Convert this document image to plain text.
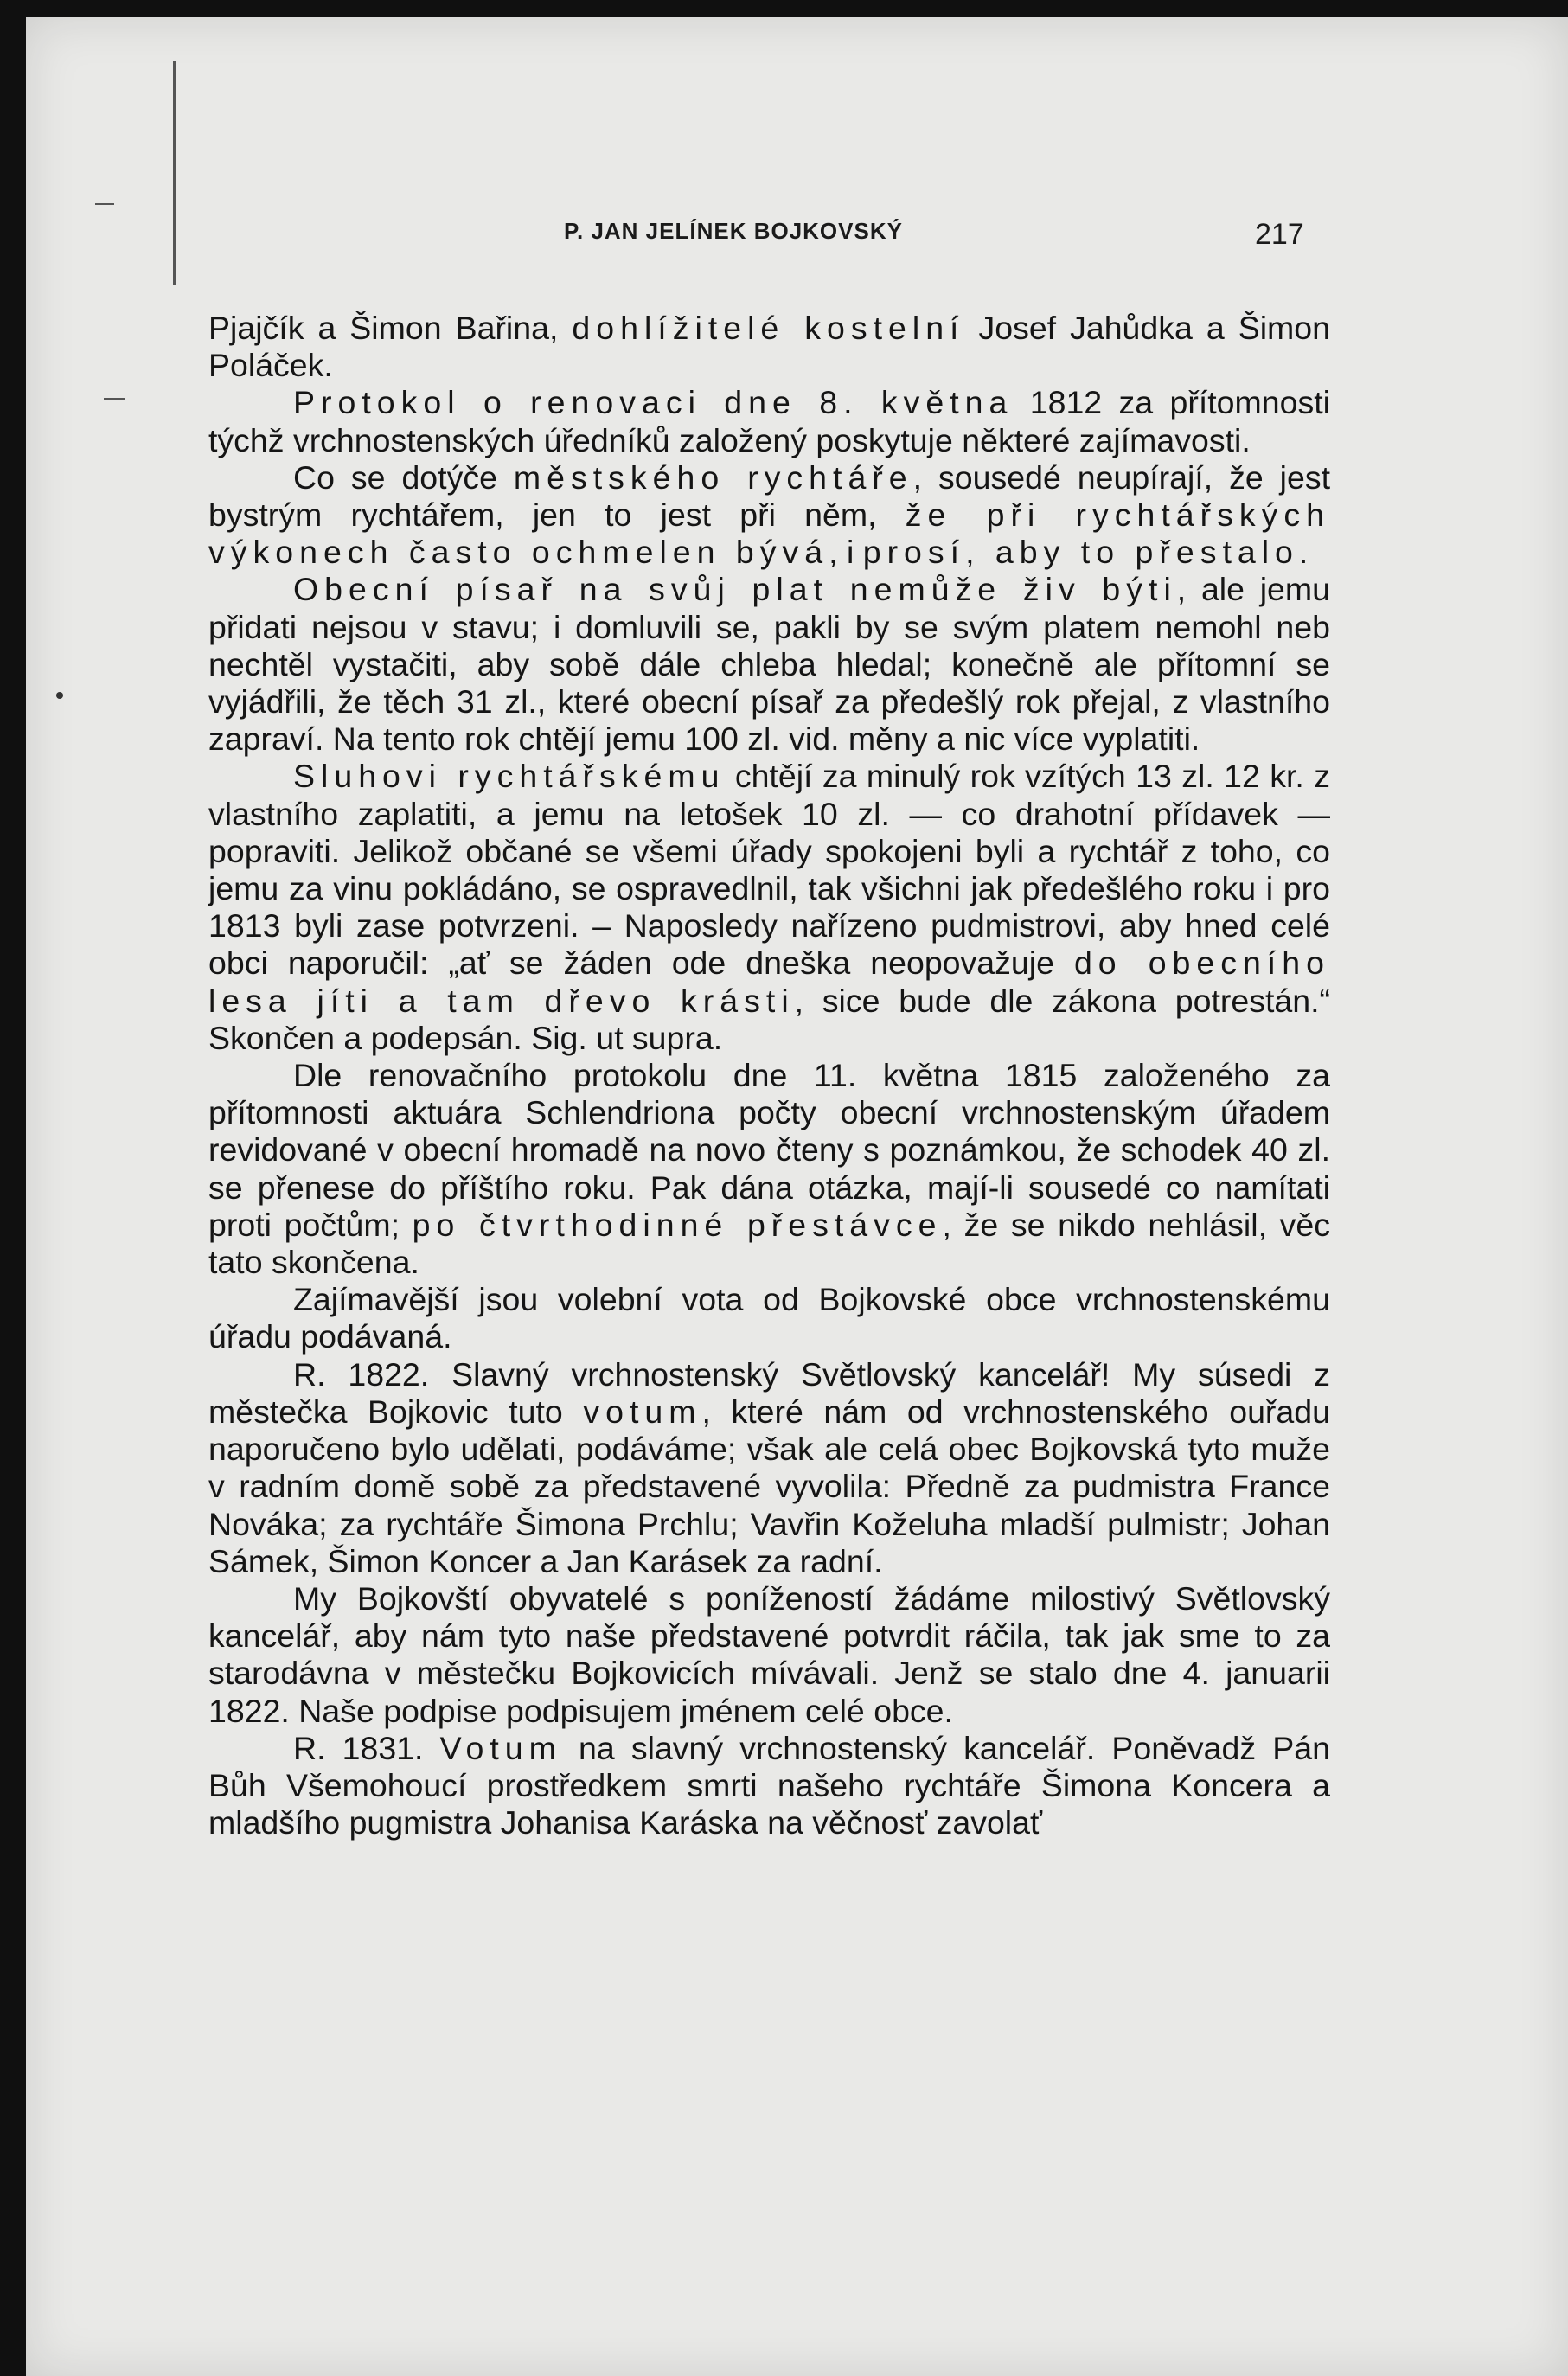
P. JAN JELÍNEK BOJKOVSKÝ	217

Pjajčík a Šimon Bařina, dohlížitelé kostelní Josef Jahůdka a Šimon Poláček.

Protokol o renovaci dne 8. května 1812 za přítomnosti týchž vrchnostenských úředníků založený poskytuje některé zajímavosti.

Co se dotýče městského rychtáře, sousedé neupírají, že jest bystrým rychtářem, jen to jest při něm, že při rychtářských výkonech často ochmelen bývá, i prosí, aby to přestalo.

Obecní písař na svůj plat nemůže živ býti, ale jemu přidati nejsou v stavu; i domluvili se, pakli by se svým platem nemohl neb nechtěl vystačiti, aby sobě dále chleba hledal; konečně ale přítomní se vyjádřili, že těch 31 zl., které obecní písař za předešlý rok přejal, z vlastního zapraví. Na tento rok chtějí jemu 100 zl. vid. měny a nic více vyplatiti.

Sluhovi rychtářskému chtějí za minulý rok vzítých 13 zl. 12 kr. z vlastního zaplatiti, a jemu na letošek 10 zl. — co drahotní přídavek — popraviti. Jelikož občané se všemi úřady spokojeni byli a rychtář z toho, co jemu za vinu pokládáno, se ospravedlnil, tak všichni jak předešlého roku i pro 1813 byli zase potvrzeni. – Naposledy nařízeno pudmistrovi, aby hned celé obci naporučil: „ať se žáden ode dneška neopovažuje do obecního lesa jíti a tam dřevo krásti, sice bude dle zákona potrestán.“ Skončen a podepsán. Sig. ut supra.

Dle renovačního protokolu dne 11. května 1815 založeného za přítomnosti aktuára Schlendriona počty obecní vrchnostenským úřadem revidované v obecní hromadě na novo čteny s poznámkou, že schodek 40 zl. se přenese do příštího roku. Pak dána otázka, mají-li sousedé co namítati proti počtům; po čtvrthodinné přestávce, že se nikdo nehlásil, věc tato skončena.

Zajímavější jsou volební vota od Bojkovské obce vrchnostenskému úřadu podávaná.

R. 1822. Slavný vrchnostenský Světlovský kancelář! My súsedi z městečka Bojkovic tuto votum, které nám od vrchnostenského ouřadu naporučeno bylo udělati, podáváme; však ale celá obec Bojkovská tyto muže v radním domě sobě za představené vyvolila: Předně za pudmistra France Nováka; za rychtáře Šimona Prchlu; Vavřin Koželuha mladší pulmistr; Johan Sámek, Šimon Koncer a Jan Karásek za radní.

My Bojkovští obyvatelé s ponížeností žádáme milostivý Světlovský kancelář, aby nám tyto naše představené potvrdit ráčila, tak jak sme to za starodávna v městečku Bojkovicích mívávali. Jenž se stalo dne 4. januarii 1822. Naše podpise podpisujem jménem celé obce.

R. 1831. Votum na slavný vrchnostenský kancelář. Poněvadž Pán Bůh Všemohoucí prostředkem smrti našeho rychtáře Šimona Koncera a mladšího pugmistra Johanisa Karáska na věčnosť zavolať
